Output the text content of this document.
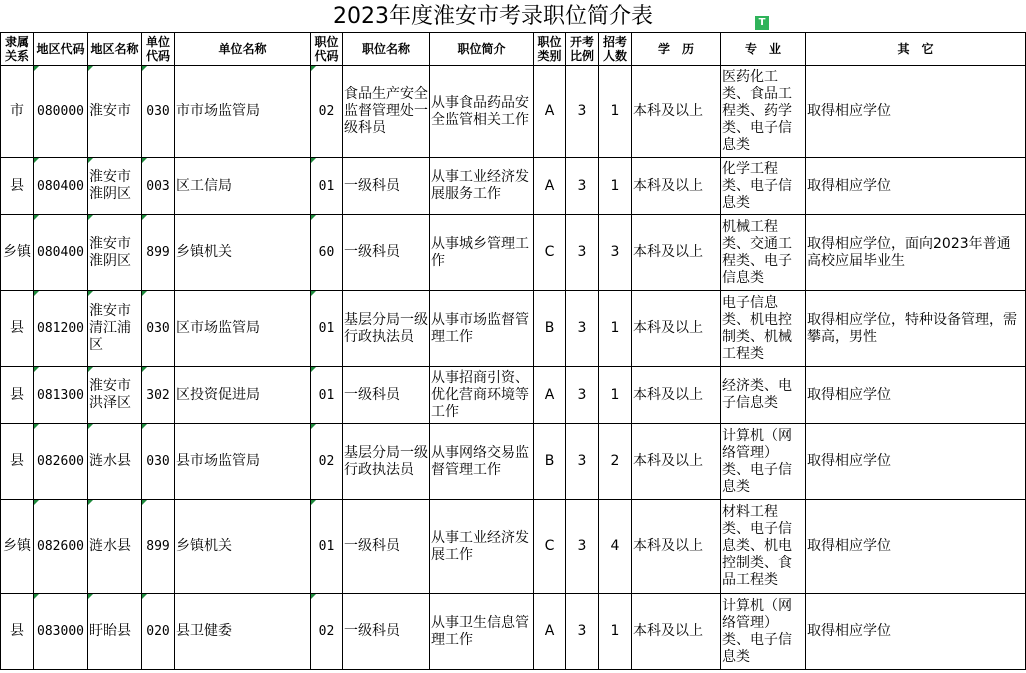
2023年度淮安市考录职位简介表	T
隶属关系	地区代码	地区名称	单位代码	单位名称	职位代码	职位名称	职位简介	职位类别	开考比例	招考人数	学　历	专　业	其　它
市	080000	淮安市	030	市市场监管局	02	食品生产安全监督管理处一级科员	从事食品药品安全监管相关工作	A	3	1	本科及以上	医药化工类、食品工程类、药学类、电子信息类	取得相应学位
县	080400	淮安市淮阴区	003	区工信局	01	一级科员	从事工业经济发展服务工作	A	3	1	本科及以上	化学工程类、电子信息类	取得相应学位
乡镇	080400	淮安市淮阴区	899	乡镇机关	60	一级科员	从事城乡管理工作	C	3	3	本科及以上	机械工程类、交通工程类、电子信息类	取得相应学位，面向2023年普通高校应届毕业生
县	081200	淮安市清江浦区	030	区市场监管局	01	基层分局一级行政执法员	从事市场监督管理工作	B	3	1	本科及以上	电子信息类、机电控制类、机械工程类	取得相应学位，特种设备管理，需攀高，男性
县	081300	淮安市洪泽区	302	区投资促进局	01	一级科员	从事招商引资、优化营商环境等工作	A	3	1	本科及以上	经济类、电子信息类	取得相应学位
县	082600	涟水县	030	县市场监管局	02	基层分局一级行政执法员	从事网络交易监督管理工作	B	3	2	本科及以上	计算机（网络管理）类、电子信息类	取得相应学位
乡镇	082600	涟水县	899	乡镇机关	01	一级科员	从事工业经济发展工作	C	3	4	本科及以上	材料工程类、电子信息类、机电控制类、食品工程类	取得相应学位
县	083000	盱眙县	020	县卫健委	02	一级科员	从事卫生信息管理工作	A	3	1	本科及以上	计算机（网络管理）类、电子信息类	取得相应学位
